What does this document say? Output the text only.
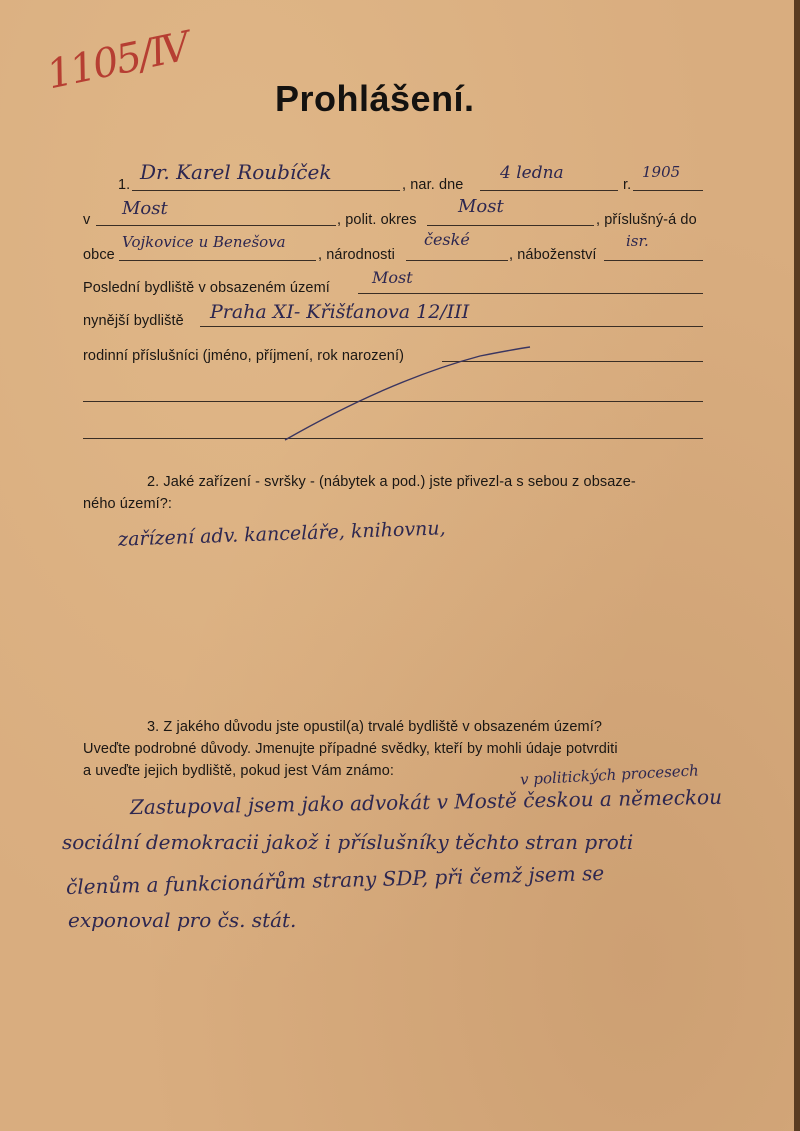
1105/Ⅳ
Prohlášení.
1.
Dr. Karel Roubíček
, nar. dne
4 ledna
r.
1905
v
Most
, polit. okres
Most
, příslušný-á do
obce
Vojkovice u Benešova
, národnosti
české
, náboženství
isr.
Poslední bydliště v obsazeném území
Most
nynější bydliště Praha XI- Křišťanova 12/III
rodinní příslušníci (jméno, příjmení, rok narození)
2. Jaké zařízení - svršky - (nábytek a pod.) jste přivezl-a s sebou z obsaze-
ného území?:
zařízení adv. kanceláře, knihovnu,
3. Z jakého důvodu jste opustil(a) trvalé bydliště v obsazeném území?
Uveďte podrobné důvody. Jmenujte případné svědky, kteří by mohli údaje potvrditi
a uveďte jejich bydliště, pokud jest Vám známo:	v politických procesech
Zastupoval jsem jako advokát v Mostě českou a německou
sociální demokracii jakož i příslušníky těchto stran proti
členům a funkcionářům strany SDP, při čemž jsem se
exponoval pro čs. stát.
